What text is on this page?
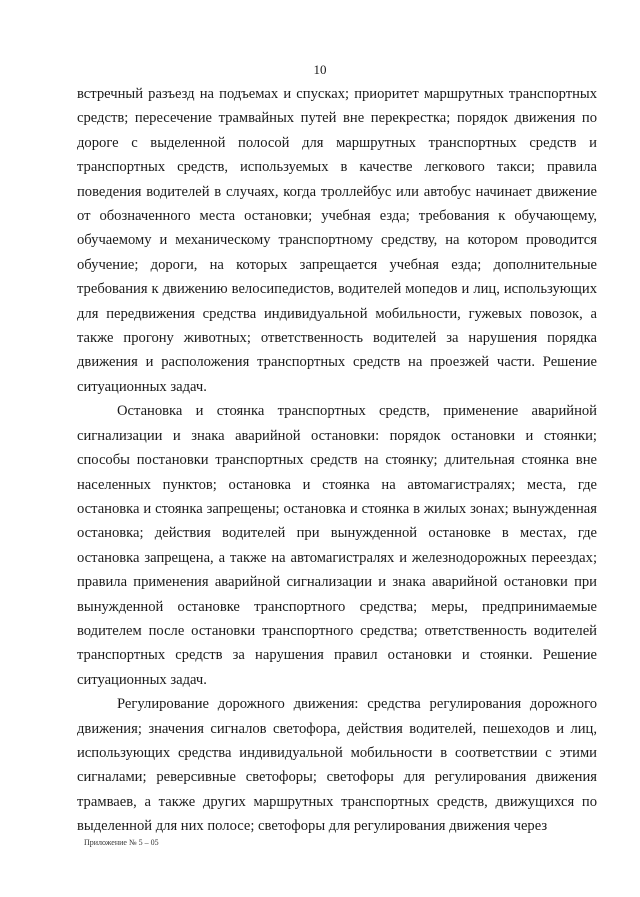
10

встречный разъезд на подъемах и спусках; приоритет маршрутных транспортных средств; пересечение трамвайных путей вне перекрестка; порядок движения по дороге с выделенной полосой для маршрутных транспортных средств и транспортных средств, используемых в качестве легкового такси; правила поведения водителей в случаях, когда троллейбус или автобус начинает движение от обозначенного места остановки; учебная езда; требования к обучающему, обучаемому и механическому транспортному средству, на котором проводится обучение; дороги, на которых запрещается учебная езда; дополнительные требования к движению велосипедистов, водителей мопедов и лиц, использующих для передвижения средства индивидуальной мобильности, гужевых повозок, а также прогону животных; ответственность водителей за нарушения порядка движения и расположения транспортных средств на проезжей части. Решение ситуационных задач.

Остановка и стоянка транспортных средств, применение аварийной сигнализации и знака аварийной остановки: порядок остановки и стоянки; способы постановки транспортных средств на стоянку; длительная стоянка вне населенных пунктов; остановка и стоянка на автомагистралях; места, где остановка и стоянка запрещены; остановка и стоянка в жилых зонах; вынужденная остановка; действия водителей при вынужденной остановке в местах, где остановка запрещена, а также на автомагистралях и железнодорожных переездах; правила применения аварийной сигнализации и знака аварийной остановки при вынужденной остановке транспортного средства; меры, предпринимаемые водителем после остановки транспортного средства; ответственность водителей транспортных средств за нарушения правил остановки и стоянки. Решение ситуационных задач.

Регулирование дорожного движения: средства регулирования дорожного движения; значения сигналов светофора, действия водителей, пешеходов и лиц, использующих средства индивидуальной мобильности в соответствии с этими сигналами; реверсивные светофоры; светофоры для регулирования движения трамваев, а также других маршрутных транспортных средств, движущихся по выделенной для них полосе; светофоры для регулирования движения через

Приложение № 5 – 05
